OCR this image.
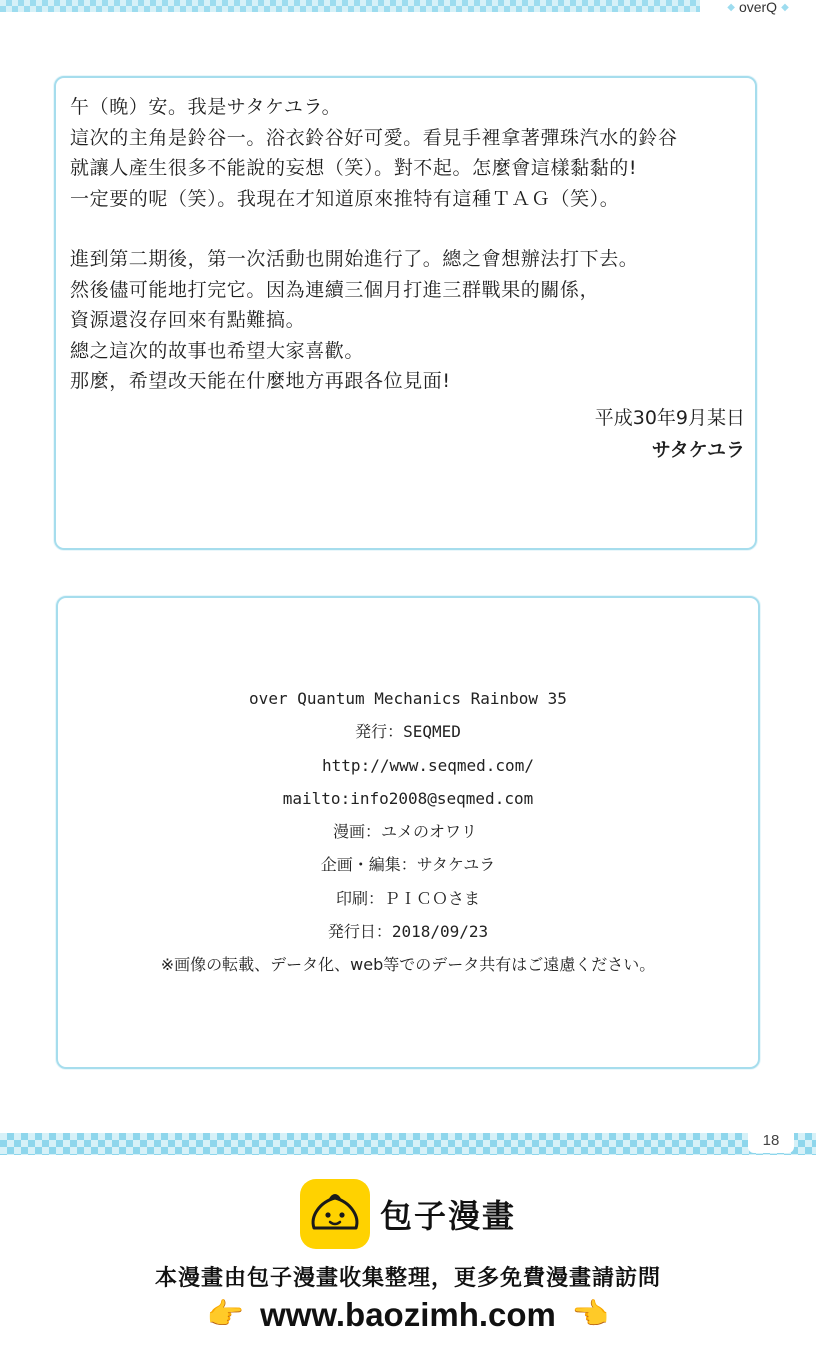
◆ overQ ◆
午（晚）安。我是サタケユラ。
這次的主角是鈴谷一。浴衣鈴谷好可愛。看見手裡拿著彈珠汽水的鈴谷
就讓人產生很多不能說的妄想（笑）。對不起。怎麼會這樣黏黏的!
一定要的呢（笑）。我現在才知道原來推特有這種ＴＡＧ（笑）。
進到第二期後，第一次活動也開始進行了。總之會想辦法打下去。
然後儘可能地打完它。因為連續三個月打進三群戰果的關係，
資源還沒存回來有點難搞。
總之這次的故事也希望大家喜歡。
那麼，希望改天能在什麼地方再跟各位見面!
平成30年9月某日
サタケユラ
over Quantum Mechanics Rainbow 35
発行：SEQMED
http://www.seqmed.com/
mailto:info2008@seqmed.com
漫画：ユメのオワリ
企画・編集：サタケユラ
印刷：ＰＩＣＯさま
発行日：2018/09/23
※画像の転載、データ化、web等でのデータ共有はご遠慮ください。
18
包子漫畫
本漫畫由包子漫畫收集整理，更多免費漫畫請訪問
👉 www.baozimh.com 👈
